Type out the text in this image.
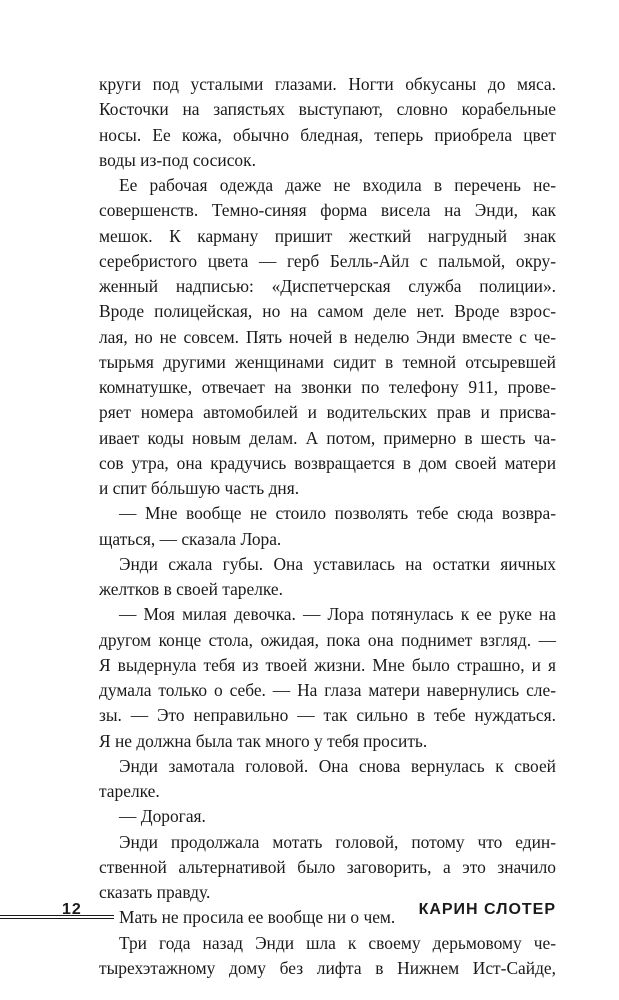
круги под усталыми глазами. Ногти обкусаны до мяса.
Косточки на запястьях выступают, словно корабельные
носы. Ее кожа, обычно бледная, теперь приобрела цвет
воды из-под сосисок.
Ее рабочая одежда даже не входила в перечень не-
совершенств. Темно-синяя форма висела на Энди, как
мешок. К карману пришит жесткий нагрудный знак
серебристого цвета — герб Белль-Айл с пальмой, окру-
женный надписью: «Диспетчерская служба полиции».
Вроде полицейская, но на самом деле нет. Вроде взрос-
лая, но не совсем. Пять ночей в неделю Энди вместе с че-
тырьмя другими женщинами сидит в темной отсыревшей
комнатушке, отвечает на звонки по телефону 911, прове-
ряет номера автомобилей и водительских прав и присва-
ивает коды новым делам. А потом, примерно в шесть ча-
сов утра, она крадучись возвращается в дом своей матери
и спит бóльшую часть дня.
— Мне вообще не стоило позволять тебе сюда возвра-
щаться, — сказала Лора.
Энди сжала губы. Она уставилась на остатки яичных
желтков в своей тарелке.
— Моя милая девочка. — Лора потянулась к ее руке на
другом конце стола, ожидая, пока она поднимет взгляд. —
Я выдернула тебя из твоей жизни. Мне было страшно, и я
думала только о себе. — На глаза матери навернулись сле-
зы. — Это неправильно — так сильно в тебе нуждаться.
Я не должна была так много у тебя просить.
Энди замотала головой. Она снова вернулась к своей
тарелке.
— Дорогая.
Энди продолжала мотать головой, потому что един-
ственной альтернативой было заговорить, а это значило
сказать правду.
Мать не просила ее вообще ни о чем.
Три года назад Энди шла к своему дерьмовому че-
тырехэтажному дому без лифта в Нижнем Ист-Сайде,
12	КАРИН СЛОТЕР
